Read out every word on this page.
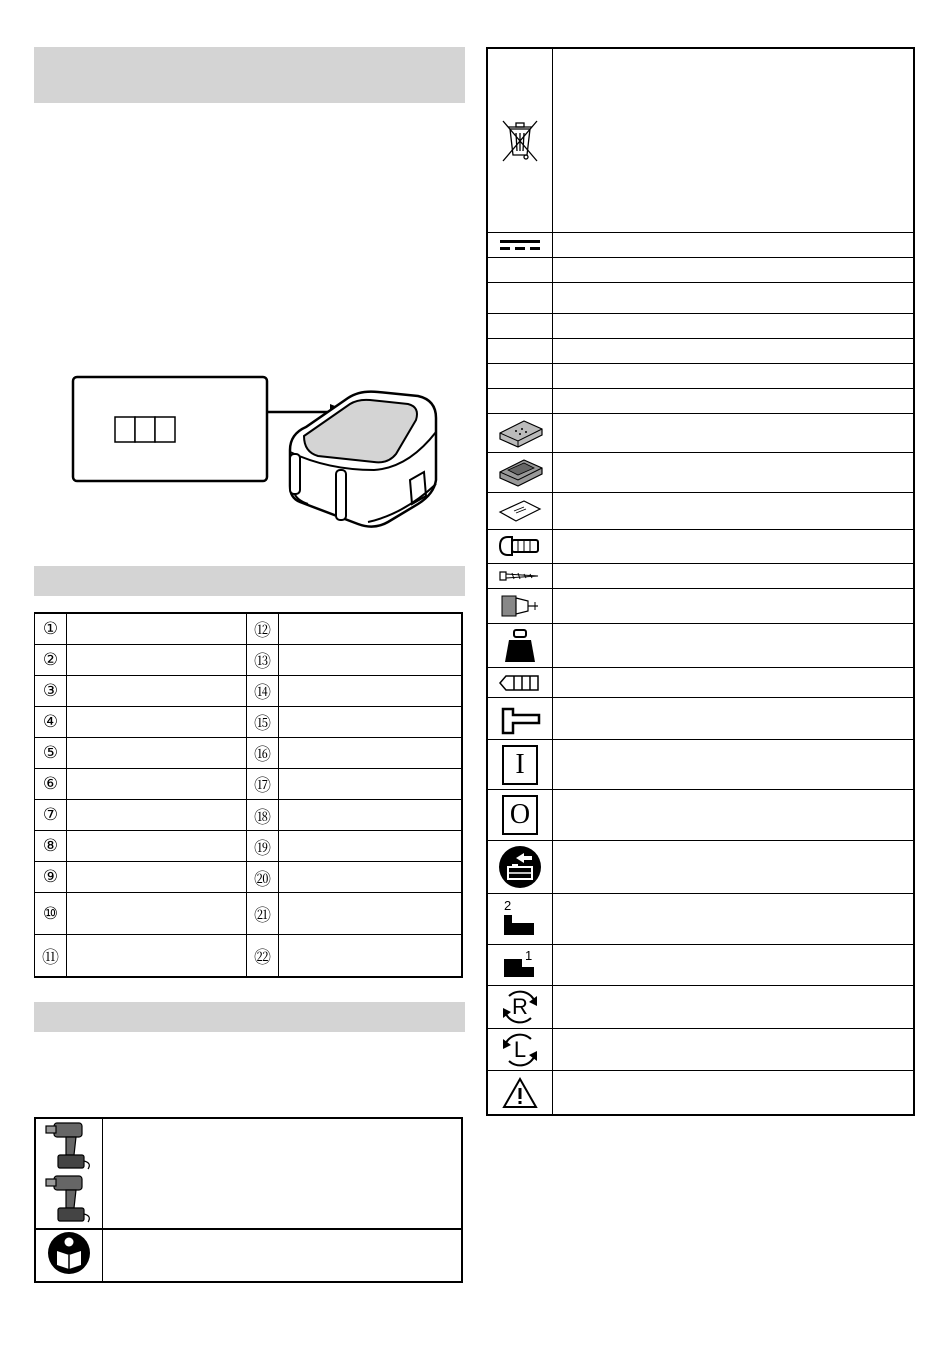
①		⑫	
②		⑬	
③		⑭	
④		⑮	
⑤		⑯	
⑥		⑰	
⑦		⑱	
⑧		⑲	
⑨		⑳	
⑩		㉑	
⑪		㉒	

I	

O	

2	

1	

R	

L	
